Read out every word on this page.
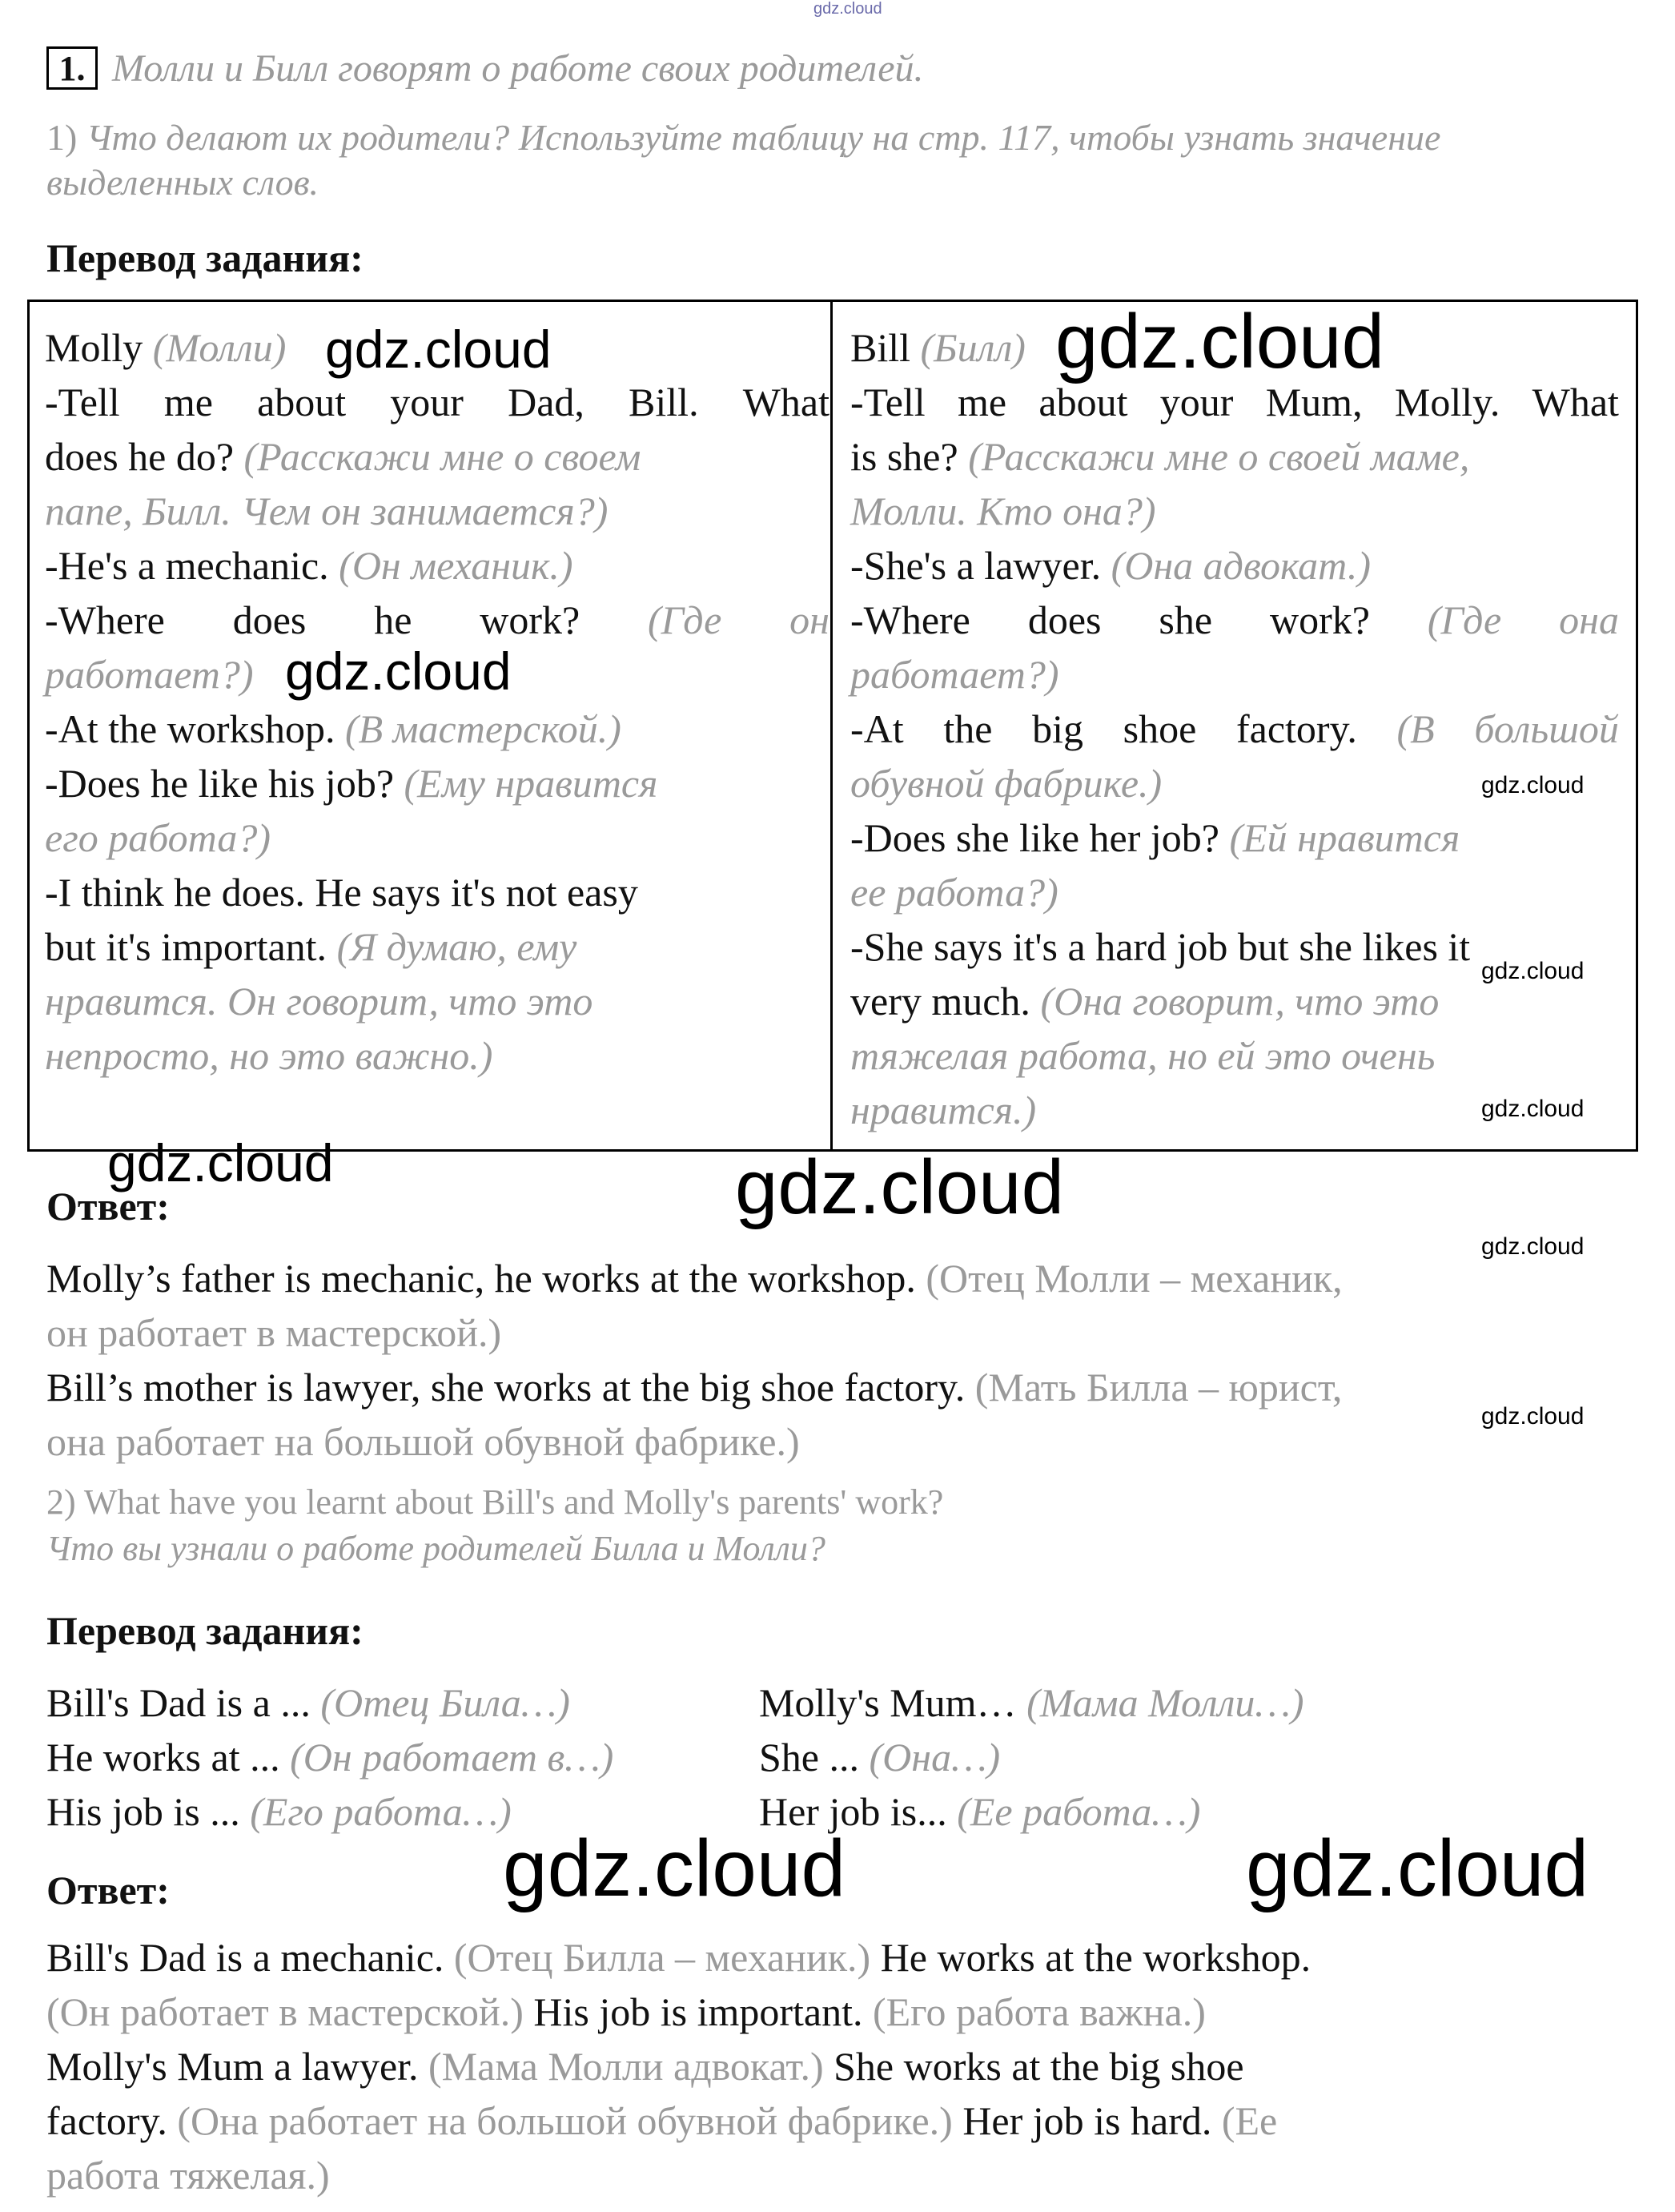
gdz.cloud
1. Молли и Билл говорят о работе своих родителей.
1) Что делают их родители? Используйте таблицу на стр. 117, чтобы узнать значение
выделенных слов.
Перевод задания:
Molly (Молли)
-Tell me about your Dad, Bill. What
does he do? (Расскажи мне о своем
папе, Билл. Чем он занимается?)
-He's a mechanic. (Он механик.)
-Where does he work? (Где он
работает?)
-At the workshop. (В мастерской.)
-Does he like his job? (Ему нравится
его работа?)
-I think he does. He says it's not easy
but it's important. (Я думаю, ему
нравится. Он говорит, что это
непросто, но это важно.)
Bill (Билл)
-Tell me about your Mum, Molly. What
is she? (Расскажи мне о своей маме,
Молли. Кто она?)
-She's a lawyer. (Она адвокат.)
-Where does she work? (Где она
работает?)
-At the big shoe factory. (В большой
обувной фабрике.)
-Does she like her job? (Ей нравится
ее работа?)
-She says it's a hard job but she likes it
very much. (Она говорит, что это
тяжелая работа, но ей это очень
нравится.)
gdz.cloud	gdz.cloud
gdz.cloud
gdz.cloud
gdz.cloud
gdz.cloud
gdz.cloud	gdz.cloud
Ответ:
gdz.cloud
Molly’s father is mechanic, he works at the workshop. (Отец Молли – механик,
он работает в мастерской.)
Bill’s mother is lawyer, she works at the big shoe factory. (Мать Билла – юрист,
она работает на большой обувной фабрике.)
gdz.cloud
2) What have you learnt about Bill's and Molly's parents' work?
Что вы узнали о работе родителей Билла и Молли?
Перевод задания:
Bill's Dad is a ... (Отец Била…)
He works at ... (Он работает в…)
His job is ... (Его работа…)
Molly's Mum… (Мама Молли…)
She ... (Она…)
Her job is... (Ее работа…)
Ответ:	gdz.cloud	gdz.cloud
Bill's Dad is a mechanic. (Отец Билла – механик.) He works at the workshop.
(Он работает в мастерской.) His job is important. (Его работа важна.)
Molly's Mum a lawyer. (Мама Молли адвокат.) She works at the big shoe
factory. (Она работает на большой обувной фабрике.) Her job is hard. (Ее
работа тяжелая.)
